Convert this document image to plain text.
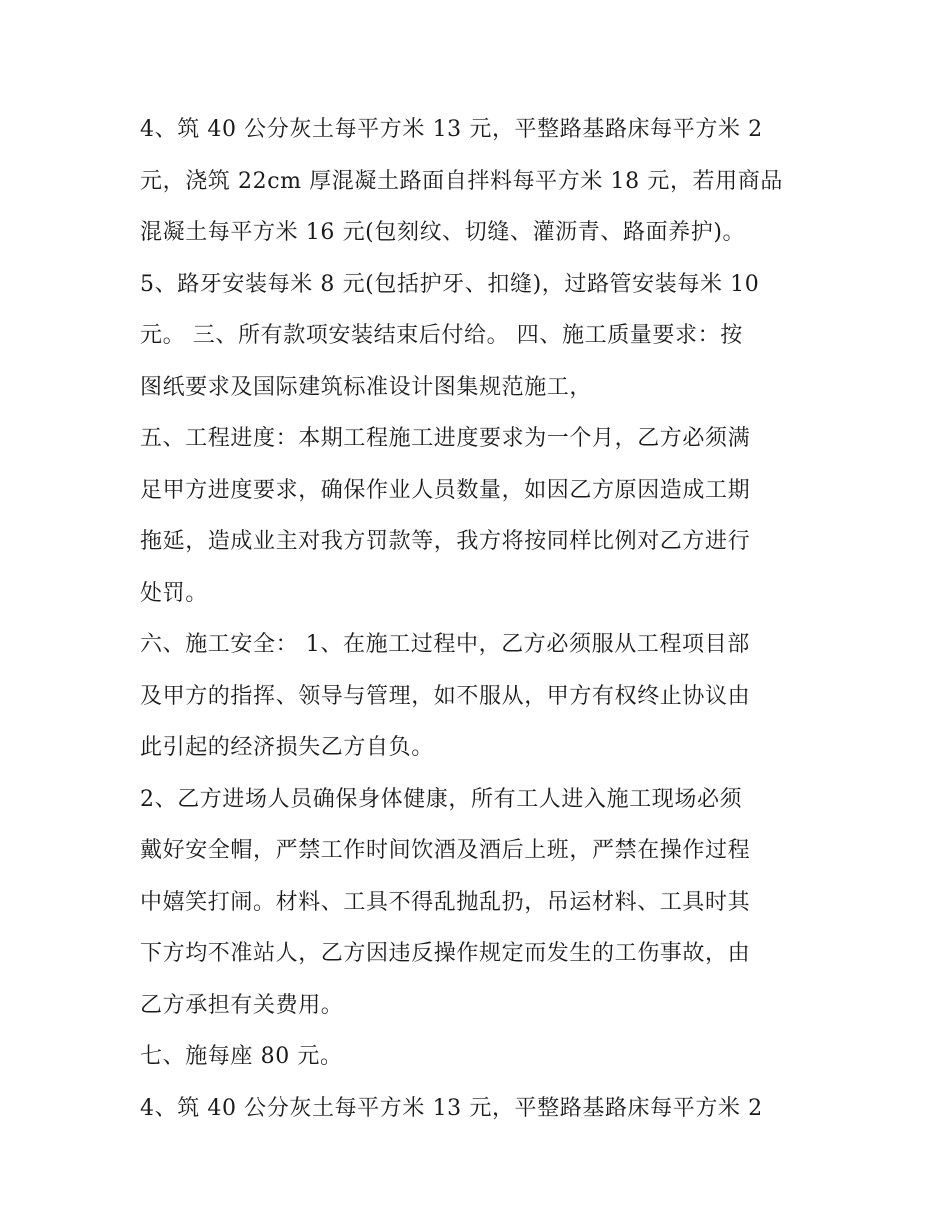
4、筑 40 公分灰土每平方米 13 元，平整路基路床每平方米 2
元，浇筑 22cm 厚混凝土路面自拌料每平方米 18 元，若用商品
混凝土每平方米 16 元(包刻纹、切缝、灌沥青、路面养护)。
5、路牙安装每米 8 元(包括护牙、扣缝)，过路管安装每米 10
元。 三、所有款项安装结束后付给。 四、施工质量要求：按
图纸要求及国际建筑标准设计图集规范施工，
五、工程进度：本期工程施工进度要求为一个月，乙方必须满
足甲方进度要求，确保作业人员数量，如因乙方原因造成工期
拖延，造成业主对我方罚款等，我方将按同样比例对乙方进行
处罚。
六、施工安全： 1、在施工过程中，乙方必须服从工程项目部
及甲方的指挥、领导与管理，如不服从，甲方有权终止协议由
此引起的经济损失乙方自负。
2、乙方进场人员确保身体健康，所有工人进入施工现场必须
戴好安全帽，严禁工作时间饮酒及酒后上班，严禁在操作过程
中嬉笑打闹。材料、工具不得乱抛乱扔，吊运材料、工具时其
下方均不准站人，乙方因违反操作规定而发生的工伤事故，由
乙方承担有关费用。
七、施每座 80 元。
4、筑 40 公分灰土每平方米 13 元，平整路基路床每平方米 2
